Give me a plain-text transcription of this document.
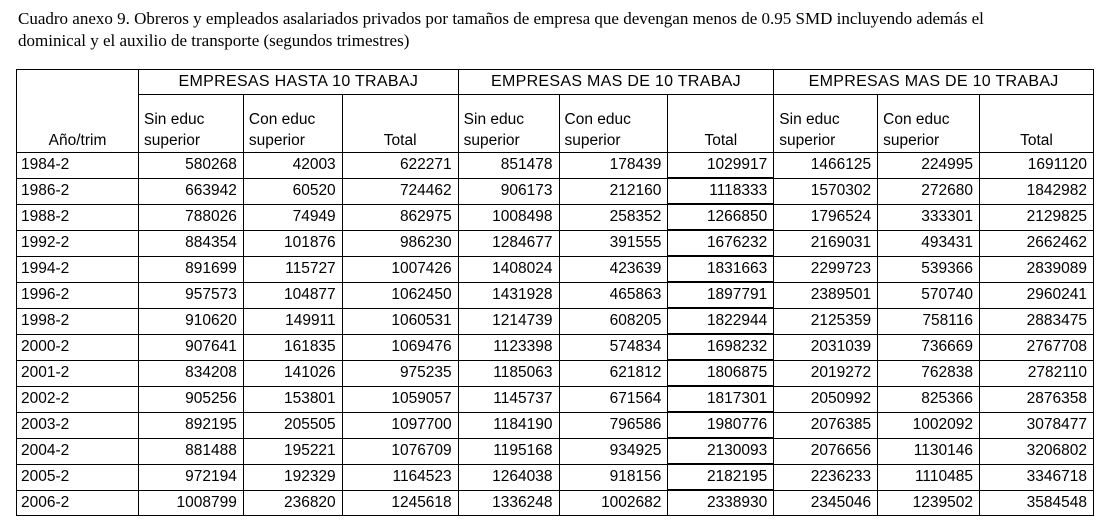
Cuadro anexo 9. Obreros y empleados asalariados privados por tamaños de empresa que devengan menos de 0.95 SMD incluyendo además el
dominical y el auxilio de transporte (segundos trimestres)
	EMPRESAS HASTA 10 TRABAJ			EMPRESAS MAS DE 10 TRABAJ			EMPRESAS MAS DE 10 TRABAJ		
Año/trim	Sin educ
superior	Con educ
superior	Total	Sin educ
superior	Con educ
superior	Total	Sin educ
superior	Con educ
superior	Total

1984-2	580268	42003	622271	851478	178439	1029917	1466125	224995	1691120
1986-2	663942	60520	724462	906173	212160	1118333	1570302	272680	1842982
1988-2	788026	74949	862975	1008498	258352	1266850	1796524	333301	2129825
1992-2	884354	101876	986230	1284677	391555	1676232	2169031	493431	2662462
1994-2	891699	115727	1007426	1408024	423639	1831663	2299723	539366	2839089
1996-2	957573	104877	1062450	1431928	465863	1897791	2389501	570740	2960241
1998-2	910620	149911	1060531	1214739	608205	1822944	2125359	758116	2883475
2000-2	907641	161835	1069476	1123398	574834	1698232	2031039	736669	2767708
2001-2	834208	141026	975235	1185063	621812	1806875	2019272	762838	2782110
2002-2	905256	153801	1059057	1145737	671564	1817301	2050992	825366	2876358
2003-2	892195	205505	1097700	1184190	796586	1980776	2076385	1002092	3078477
2004-2	881488	195221	1076709	1195168	934925	2130093	2076656	1130146	3206802
2005-2	972194	192329	1164523	1264038	918156	2182195	2236233	1110485	3346718
2006-2	1008799	236820	1245618	1336248	1002682	2338930	2345046	1239502	3584548
